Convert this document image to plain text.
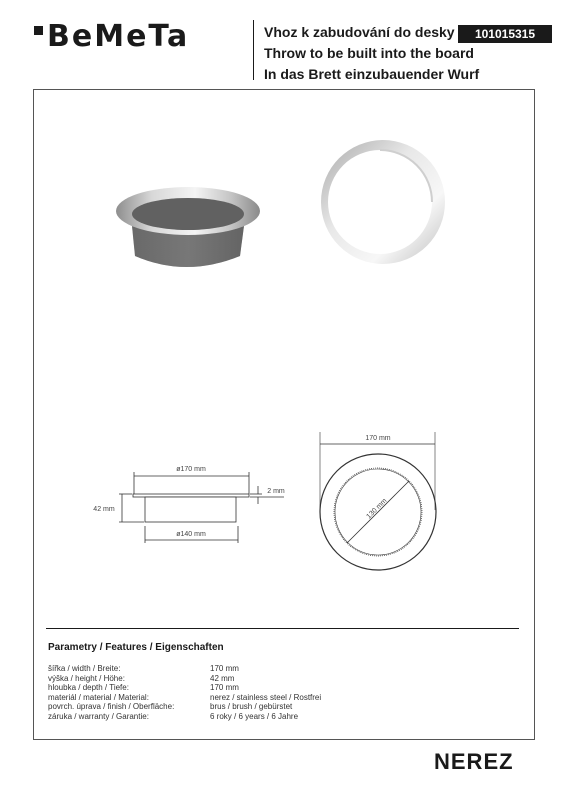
BeMeTa	Vhoz k zabudování do desky
Throw to be built into the board
In das Brett einzubauender Wurf
101015315
ø170 mm
42 mm
2 mm
ø140 mm
170 mm
130 mm
Parametry / Features / Eigenschaften
šířka / width / Breite:	170 mm
výška / height / Höhe:	42 mm
hloubka / depth / Tiefe:	170 mm
materiál / material / Material:	nerez / stainless steel / Rostfrei
povrch. úprava / finish / Oberfläche:	brus / brush / gebürstet
záruka / warranty / Garantie:	6 roky / 6 years / 6 Jahre
NEREZ
